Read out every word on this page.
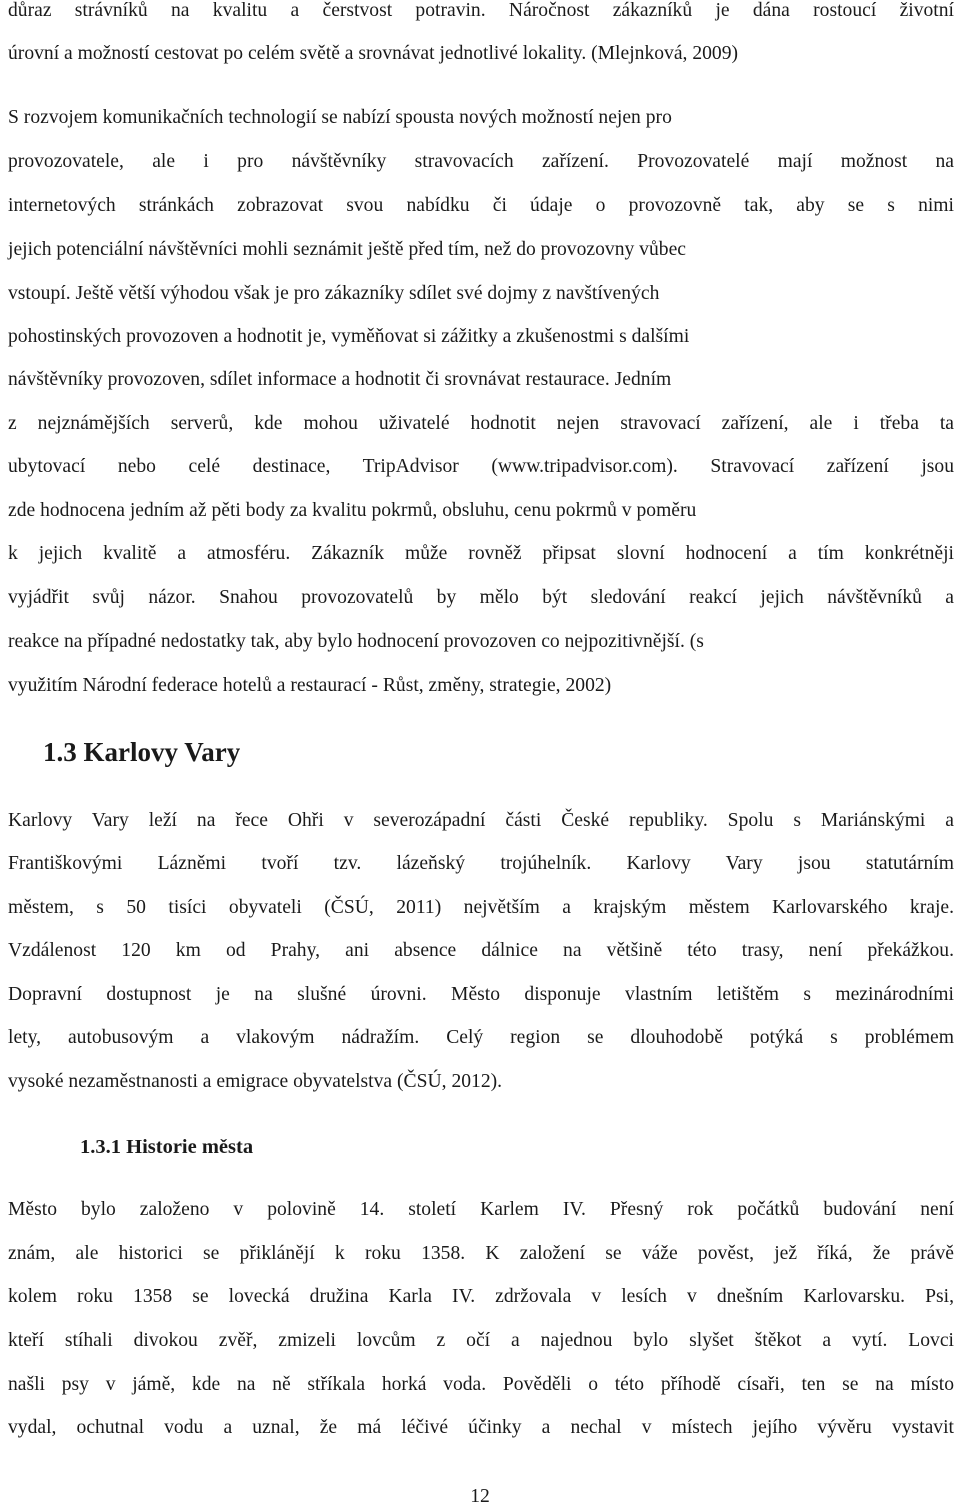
důraz strávníků na kvalitu a čerstvost potravin. Náročnost zákazníků je dána rostoucí životní
úrovní a možností cestovat po celém světě a srovnávat jednotlivé lokality. (Mlejnková, 2009)
S rozvojem komunikačních technologií se nabízí spousta nových možností nejen pro
provozovatele, ale i pro návštěvníky stravovacích zařízení. Provozovatelé mají možnost na
internetových stránkách zobrazovat svou nabídku či údaje o provozovně tak, aby se s nimi
jejich potenciální návštěvníci mohli seznámit ještě před tím, než do provozovny vůbec
vstoupí. Ještě větší výhodou však je pro zákazníky sdílet své dojmy z navštívených
pohostinských provozoven a hodnotit je, vyměňovat si zážitky a zkušenostmi s dalšími
návštěvníky provozoven, sdílet informace a hodnotit či srovnávat restaurace. Jedním
z nejznámějších serverů, kde mohou uživatelé hodnotit nejen stravovací zařízení, ale i třeba ta
ubytovací nebo celé destinace, TripAdvisor (www.tripadvisor.com). Stravovací zařízení jsou
zde hodnocena jedním až pěti body za kvalitu pokrmů, obsluhu, cenu pokrmů v poměru
k jejich kvalitě a atmosféru. Zákazník může rovněž připsat slovní hodnocení a tím konkrétněji
vyjádřit svůj názor. Snahou provozovatelů by mělo být sledování reakcí jejich návštěvníků a
reakce na případné nedostatky tak, aby bylo hodnocení provozoven co nejpozitivnější. (s
využitím Národní federace hotelů a restaurací - Růst, změny, strategie, 2002)
1.3 Karlovy Vary
Karlovy Vary leží na řece Ohři v severozápadní části České republiky. Spolu s Mariánskými a
Františkovými Lázněmi tvoří tzv. lázeňský trojúhelník. Karlovy Vary jsou statutárním
městem, s 50 tisíci obyvateli (ČSÚ, 2011) největším a krajským městem Karlovarského kraje.
Vzdálenost 120 km od Prahy, ani absence dálnice na většině této trasy, není překážkou.
Dopravní dostupnost je na slušné úrovni. Město disponuje vlastním letištěm s mezinárodními
lety, autobusovým a vlakovým nádražím. Celý region se dlouhodobě potýká s problémem
vysoké nezaměstnanosti a emigrace obyvatelstva (ČSÚ, 2012).
1.3.1 Historie města
Město bylo založeno v polovině 14. století Karlem IV. Přesný rok počátků budování není
znám, ale historici se přiklánějí k roku 1358. K založení se váže pověst, jež říká, že právě
kolem roku 1358 se lovecká družina Karla IV. zdržovala v lesích v dnešním Karlovarsku. Psi,
kteří stíhali divokou zvěř, zmizeli lovcům z očí a najednou bylo slyšet štěkot a vytí. Lovci
našli psy v jámě, kde na ně stříkala horká voda. Pověděli o této příhodě císaři, ten se na místo
vydal, ochutnal vodu a uznal, že má léčivé účinky a nechal v místech jejího vývěru vystavit
12
